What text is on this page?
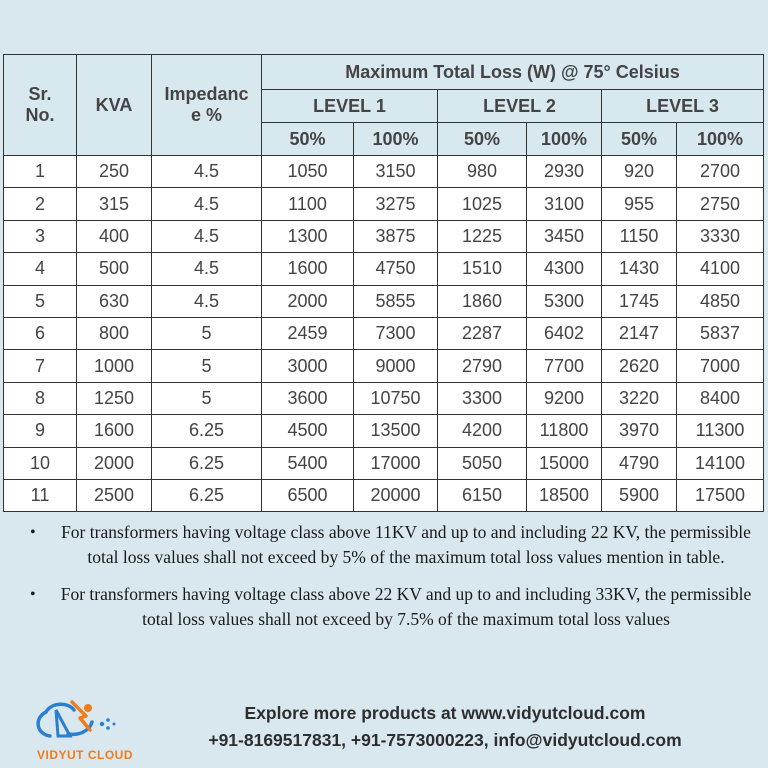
Sr. No.	KVA	Impedanc e %	Maximum Total Loss (W) @ 75° Celsius					
			LEVEL 1		LEVEL 2		LEVEL 3	
			50%	100%	50%	100%	50%	100%
1	250	4.5	1050	3150	980	2930	920	2700
2	315	4.5	1100	3275	1025	3100	955	2750
3	400	4.5	1300	3875	1225	3450	1150	3330
4	500	4.5	1600	4750	1510	4300	1430	4100
5	630	4.5	2000	5855	1860	5300	1745	4850
6	800	5	2459	7300	2287	6402	2147	5837
7	1000	5	3000	9000	2790	7700	2620	7000
8	1250	5	3600	10750	3300	9200	3220	8400
9	1600	6.25	4500	13500	4200	11800	3970	11300
10	2000	6.25	5400	17000	5050	15000	4790	14100
11	2500	6.25	6500	20000	6150	18500	5900	17500
•	For transformers having voltage class above 11KV and up to and including 22 KV, the permissible total loss values shall not exceed by 5% of the maximum total loss values mention in table.
•	For transformers having voltage class above 22 KV and up to and including 33KV, the permissible total loss values shall not exceed by 7.5% of the maximum total loss values
VIDYUT CLOUD
Explore more products at www.vidyutcloud.com
+91-8169517831, +91-7573000223, info@vidyutcloud.com
